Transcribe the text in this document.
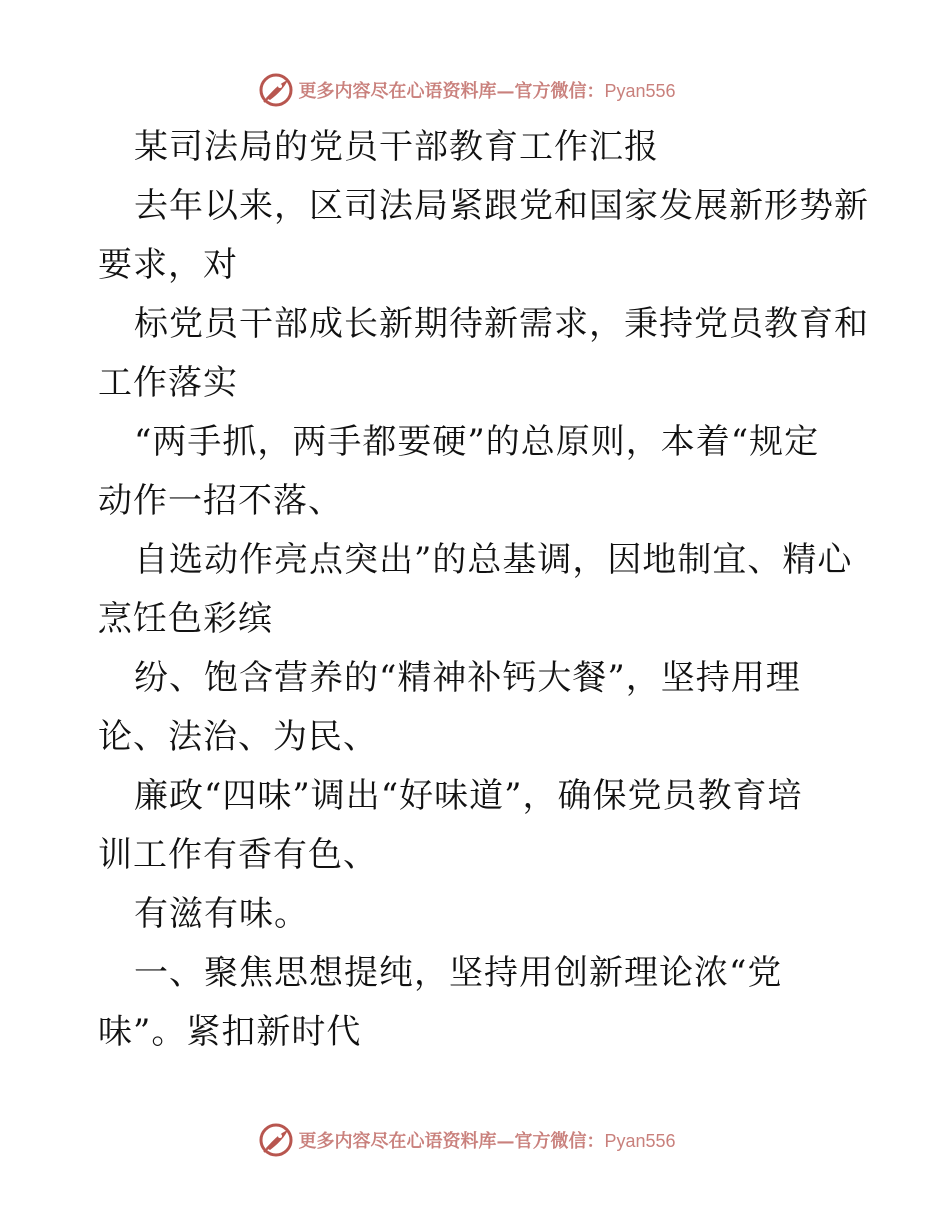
更多内容尽在心语资料库—官方微信：Pyan556
某司法局的党员干部教育工作汇报
去年以来，区司法局紧跟党和国家发展新形势新
要求，对
标党员干部成长新期待新需求，秉持党员教育和
工作落实
“两手抓，两手都要硬”的总原则，本着“规定
动作一招不落、
自选动作亮点突出”的总基调，因地制宜、精心
烹饪色彩缤
纷、饱含营养的“精神补钙大餐”，坚持用理
论、法治、为民、
廉政“四味”调出“好味道”，确保党员教育培
训工作有香有色、
有滋有味。
一、聚焦思想提纯，坚持用创新理论浓“党
味”。紧扣新时代
更多内容尽在心语资料库—官方微信：Pyan556
